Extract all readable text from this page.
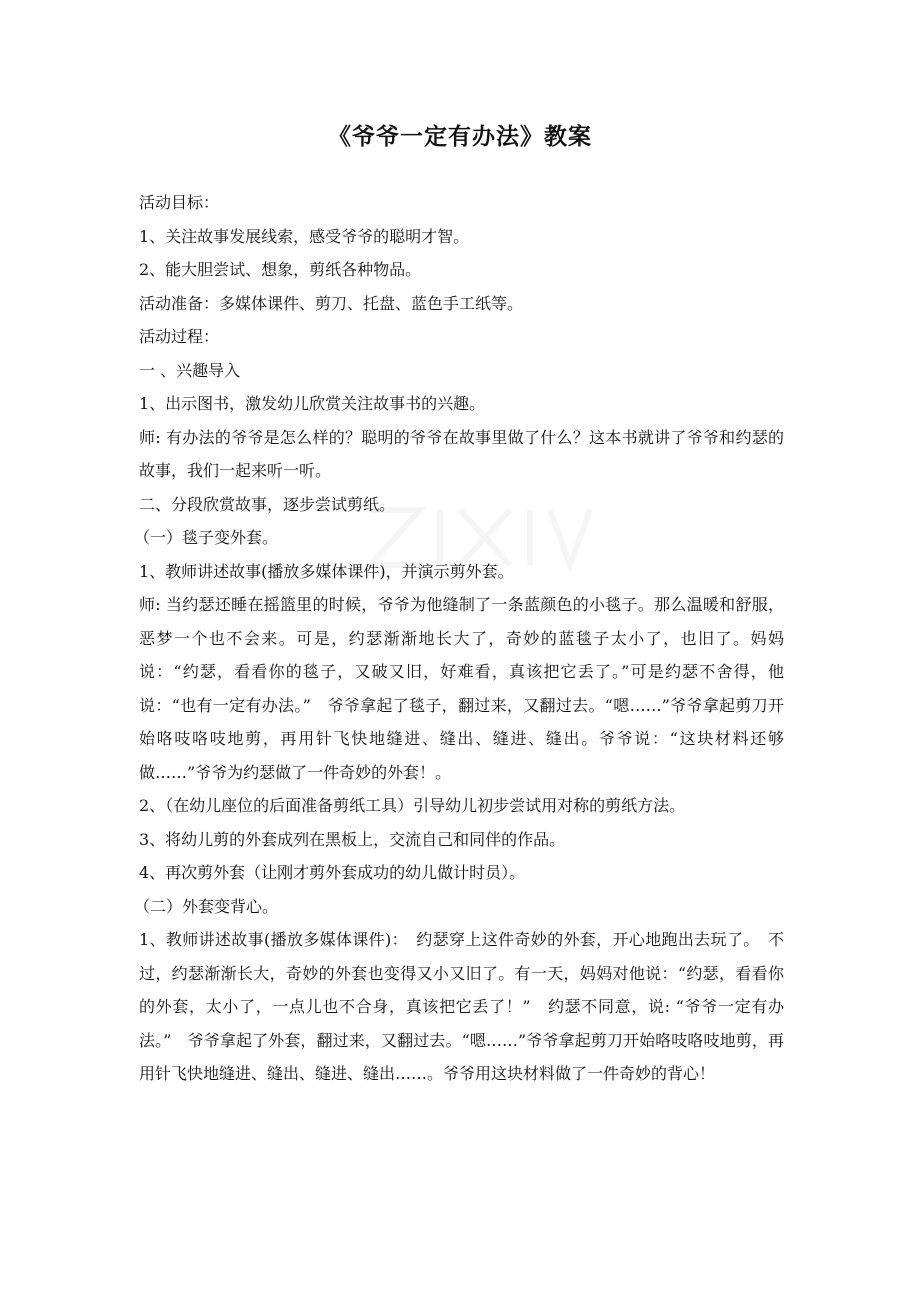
《爷爷一定有办法》教案

活动目标：

1、关注故事发展线索，感受爷爷的聪明才智。

2、能大胆尝试、想象，剪纸各种物品。

活动准备：多媒体课件、剪刀、托盘、蓝色手工纸等。

活动过程：

一 、兴趣导入

1、出示图书，激发幼儿欣赏关注故事书的兴趣。

师: 有办法的爷爷是怎么样的？聪明的爷爷在故事里做了什么？这本书就讲了爷爷和约瑟的故事，我们一起来听一听。

二、分段欣赏故事，逐步尝试剪纸。

（一）毯子变外套。

1、教师讲述故事(播放多媒体课件)，并演示剪外套。

师: 当约瑟还睡在摇篮里的时候，爷爷为他缝制了一条蓝颜色的小毯子。那么温暖和舒服，恶梦一个也不会来。可是，约瑟渐渐地长大了，奇妙的蓝毯子太小了，也旧了。妈妈说：“约瑟，看看你的毯子，又破又旧，好难看，真该把它丢了。”可是约瑟不舍得，他说：“也有一定有办法。”　爷爷拿起了毯子，翻过来，又翻过去。“嗯……”爷爷拿起剪刀开始咯吱咯吱地剪，再用针飞快地缝进、缝出、缝进、缝出。爷爷说：“这块材料还够做……”爷爷为约瑟做了一件奇妙的外套！。

2、（在幼儿座位的后面准备剪纸工具）引导幼儿初步尝试用对称的剪纸方法。

3、将幼儿剪的外套成列在黑板上，交流自己和同伴的作品。

4、再次剪外套（让刚才剪外套成功的幼儿做计时员）。

（二）外套变背心。

1、教师讲述故事(播放多媒体课件)：　约瑟穿上这件奇妙的外套，开心地跑出去玩了。　不过，约瑟渐渐长大，奇妙的外套也变得又小又旧了。有一天，妈妈对他说：“约瑟，看看你的外套，太小了，一点儿也不合身，真该把它丢了！”　约瑟不同意，说: “爷爷一定有办法。”　爷爷拿起了外套，翻过来，又翻过去。“嗯……”爷爷拿起剪刀开始咯吱咯吱地剪，再用针飞快地缝进、缝出、缝进、缝出……。爷爷用这块材料做了一件奇妙的背心！
